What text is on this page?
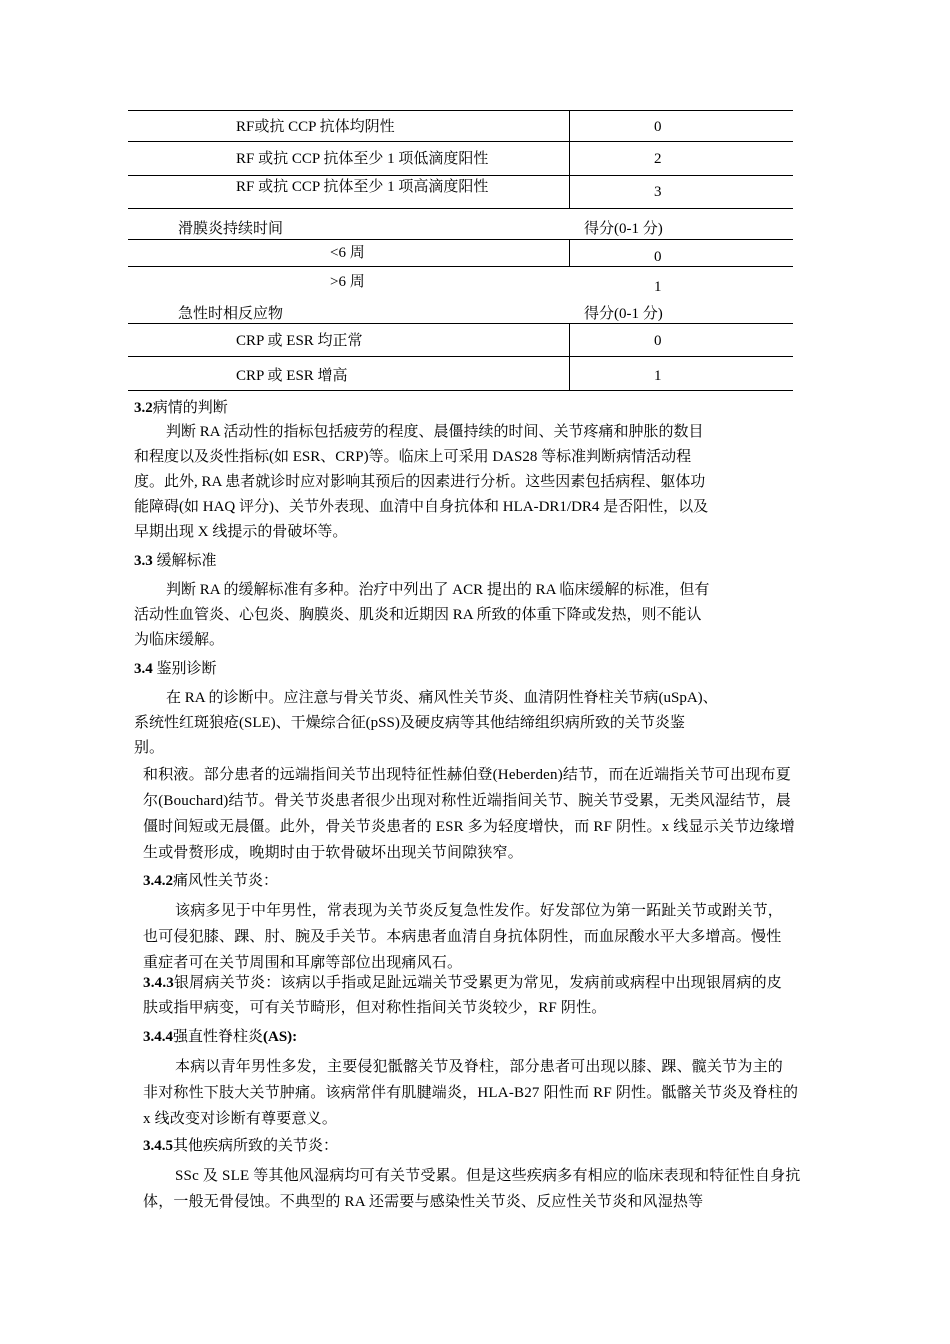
RF或抗 CCP 抗体均阴性	0
RF 或抗 CCP 抗体至少 1 项低滴度阳性	2
RF 或抗 CCP 抗体至少 1 项高滴度阳性	3
滑膜炎持续时间	得分(0-1 分)
<6 周	0
>6 周	1
急性时相反应物	得分(0-1 分)
CRP 或 ESR 均正常	0
CRP 或 ESR 增高	1
3.2病情的判断
判断 RA 活动性的指标包括疲劳的程度、晨僵持续的时间、关节疼痛和肿胀的数目
和程度以及炎性指标(如 ESR、CRP)等。临床上可采用 DAS28 等标准判断病情活动程
度。此外, RA 患者就诊时应对影响其预后的因素进行分析。这些因素包括病程、躯体功
能障碍(如 HAQ 评分)、关节外表现、血清中自身抗体和 HLA-DR1/DR4 是否阳性，以及
早期出现 X 线提示的骨破坏等。
3.3 缓解标准
判断 RA 的缓解标准有多种。治疗中列出了 ACR 提出的 RA 临床缓解的标准，但有
活动性血管炎、心包炎、胸膜炎、肌炎和近期因 RA 所致的体重下降或发热，则不能认
为临床缓解。
3.4 鉴别诊断
在 RA 的诊断中。应注意与骨关节炎、痛风性关节炎、血清阴性脊柱关节病(uSpA)、
系统性红斑狼疮(SLE)、干燥综合征(pSS)及硬皮病等其他结缔组织病所致的关节炎鉴
别。
和积液。部分患者的远端指间关节出现特征性赫伯登(Heberden)结节，而在近端指关节可出现布夏
尔(Bouchard)结节。骨关节炎患者很少出现对称性近端指间关节、腕关节受累，无类风湿结节，晨
僵时间短或无晨僵。此外，骨关节炎患者的 ESR 多为轻度增快，而 RF 阴性。x 线显示关节边缘增
生或骨赘形成，晚期时由于软骨破坏出现关节间隙狭窄。
3.4.2痛风性关节炎：
该病多见于中年男性，常表现为关节炎反复急性发作。好发部位为第一跖趾关节或跗关节，
也可侵犯膝、踝、肘、腕及手关节。本病患者血清自身抗体阴性，而血尿酸水平大多增高。慢性
重症者可在关节周围和耳廓等部位出现痛风石。
3.4.3银屑病关节炎：该病以手指或足趾远端关节受累更为常见，发病前或病程中出现银屑病的皮
肤或指甲病变，可有关节畸形，但对称性指间关节炎较少，RF 阴性。
3.4.4强直性脊柱炎(AS):
本病以青年男性多发，主要侵犯骶髂关节及脊柱，部分患者可出现以膝、踝、髋关节为主的
非对称性下肢大关节肿痛。该病常伴有肌腱端炎，HLA-B27 阳性而 RF 阴性。骶髂关节炎及脊柱的
x 线改变对诊断有尊要意义。
3.4.5其他疾病所致的关节炎：
SSc 及 SLE 等其他风湿病均可有关节受累。但是这些疾病多有相应的临床表现和特征性自身抗
体，一般无骨侵蚀。不典型的 RA 还需要与感染性关节炎、反应性关节炎和风湿热等
